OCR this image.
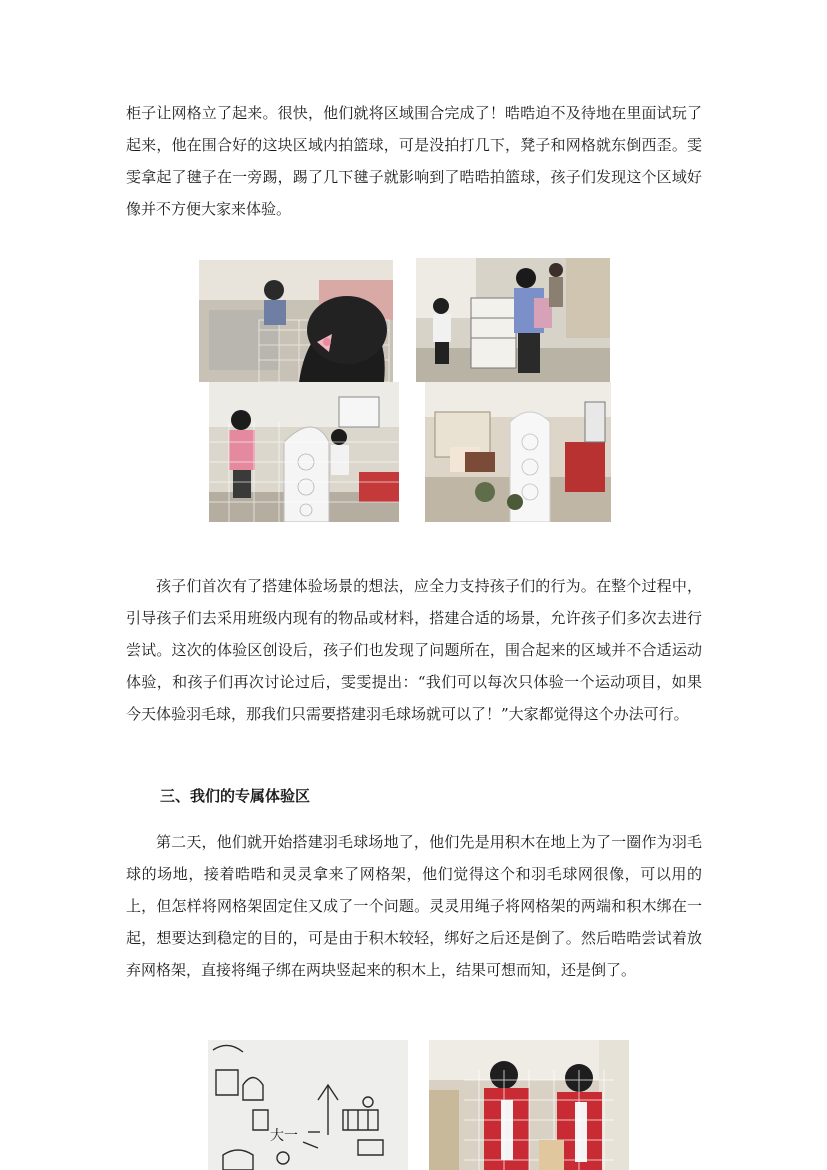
柜子让网格立了起来。很快，他们就将区域围合完成了！晧晧迫不及待地在里面试玩了起来，他在围合好的这块区域内拍篮球，可是没拍打几下，凳子和网格就东倒西歪。雯雯拿起了毽子在一旁踢，踢了几下毽子就影响到了晧晧拍篮球，孩子们发现这个区域好像并不方便大家来体验。

孩子们首次有了搭建体验场景的想法，应全力支持孩子们的行为。在整个过程中，引导孩子们去采用班级内现有的物品或材料，搭建合适的场景，允许孩子们多次去进行尝试。这次的体验区创设后，孩子们也发现了问题所在，围合起来的区域并不合适运动体验，和孩子们再次讨论过后，雯雯提出：“我们可以每次只体验一个运动项目，如果今天体验羽毛球，那我们只需要搭建羽毛球场就可以了！”大家都觉得这个办法可行。

三、我们的专属体验区

第二天，他们就开始搭建羽毛球场地了，他们先是用积木在地上为了一圈作为羽毛球的场地，接着晧晧和灵灵拿来了网格架，他们觉得这个和羽毛球网很像，可以用的上，但怎样将网格架固定住又成了一个问题。灵灵用绳子将网格架的两端和积木绑在一起，想要达到稳定的目的，可是由于积木较轻，绑好之后还是倒了。然后晧晧尝试着放弃网格架，直接将绳子绑在两块竖起来的积木上，结果可想而知，还是倒了。

大一
